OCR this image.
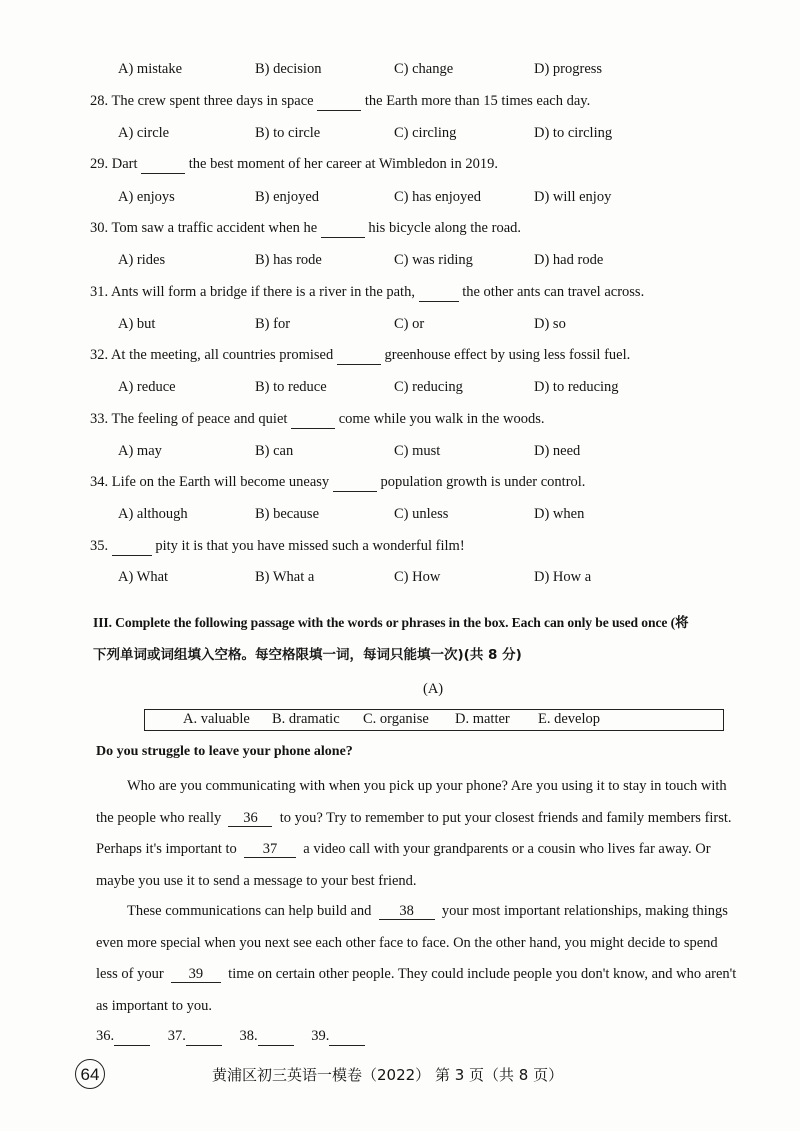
A) mistake	B) decision	C) change	D) progress
28. The crew spent three days in space	the Earth more than 15 times each day.
A) circle	B) to circle	C) circling	D) to circling
29. Dart	the best moment of her career at Wimbledon in 2019.
A) enjoys	B) enjoyed	C) has enjoyed	D) will enjoy
30. Tom saw a traffic accident when he	his bicycle along the road.
A) rides	B) has rode	C) was riding	D) had rode
31. Ants will form a bridge if there is a river in the path,	the other ants can travel across.
A) but	B) for	C) or	D) so
32. At the meeting, all countries promised	greenhouse effect by using less fossil fuel.
A) reduce	B) to reduce	C) reducing	D) to reducing
33. The feeling of peace and quiet	come while you walk in the woods.
A) may	B) can	C) must	D) need
34. Life on the Earth will become uneasy	population growth is under control.
A) although	B) because	C) unless	D) when
35.	pity it is that you have missed such a wonderful film!
A) What	B) What a	C) How	D) How a
III. Complete the following passage with the words or phrases in the box. Each can only be used once (将
下列单词或词组填入空格。每空格限填一词，每词只能填一次)(共 8 分)
(A)
A. valuable B. dramatic C. organise D. matter E. develop
Do you struggle to leave your phone alone?

Who are you communicating with when you pick up your phone? Are you using it to stay in touch with

the people who really 36 to you? Try to remember to put your closest friends and family members first.

Perhaps it's important to 37 a video call with your grandparents or a cousin who lives far away. Or

maybe you use it to send a message to your best friend.

These communications can help build and 38 your most important relationships, making things

even more special when you next see each other face to face. On the other hand, you might decide to spend

less of your 39 time on certain other people. They could include people you don't know, and who aren't

as important to you.

36.	37.	38.	39.
64	黄浦区初三英语一模卷（2022） 第 3 页（共 8 页）
